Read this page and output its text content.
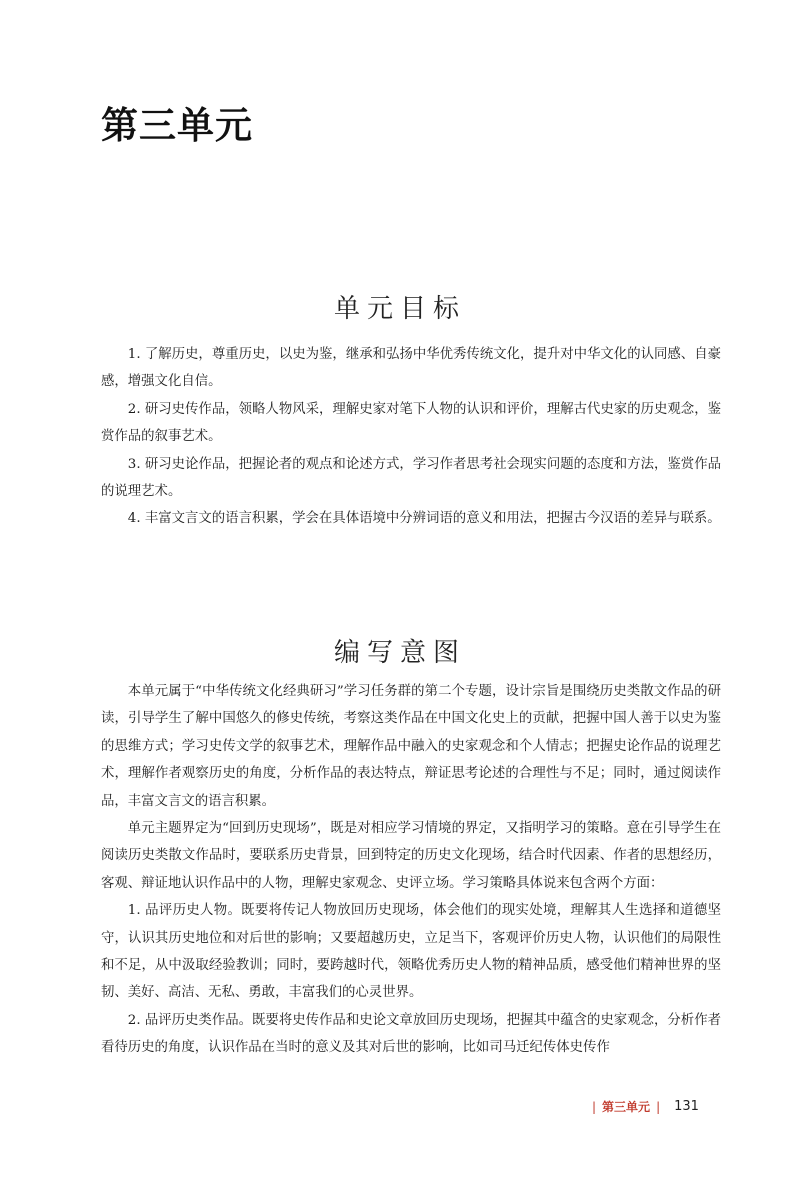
第三单元
单元目标

1. 了解历史，尊重历史，以史为鉴，继承和弘扬中华优秀传统文化，提升对中华文化的认同感、自豪感，增强文化自信。

2. 研习史传作品，领略人物风采，理解史家对笔下人物的认识和评价，理解古代史家的历史观念，鉴赏作品的叙事艺术。

3. 研习史论作品，把握论者的观点和论述方式，学习作者思考社会现实问题的态度和方法，鉴赏作品的说理艺术。

4. 丰富文言文的语言积累，学会在具体语境中分辨词语的意义和用法，把握古今汉语的差异与联系。

编写意图

本单元属于“中华传统文化经典研习”学习任务群的第二个专题，设计宗旨是围绕历史类散文作品的研读，引导学生了解中国悠久的修史传统，考察这类作品在中国文化史上的贡献，把握中国人善于以史为鉴的思维方式；学习史传文学的叙事艺术，理解作品中融入的史家观念和个人情志；把握史论作品的说理艺术，理解作者观察历史的角度，分析作品的表达特点，辩证思考论述的合理性与不足；同时，通过阅读作品，丰富文言文的语言积累。

单元主题界定为“回到历史现场”，既是对相应学习情境的界定，又指明学习的策略。意在引导学生在阅读历史类散文作品时，要联系历史背景，回到特定的历史文化现场，结合时代因素、作者的思想经历，客观、辩证地认识作品中的人物，理解史家观念、史评立场。学习策略具体说来包含两个方面：

1. 品评历史人物。既要将传记人物放回历史现场，体会他们的现实处境，理解其人生选择和道德坚守，认识其历史地位和对后世的影响；又要超越历史，立足当下，客观评价历史人物，认识他们的局限性和不足，从中汲取经验教训；同时，要跨越时代，领略优秀历史人物的精神品质，感受他们精神世界的坚韧、美好、高洁、无私、勇敢，丰富我们的心灵世界。

2. 品评历史类作品。既要将史传作品和史论文章放回历史现场，把握其中蕴含的史家观念，分析作者看待历史的角度，认识作品在当时的意义及其对后世的影响，比如司马迁纪传体史传作

| 第三单元 | 131
